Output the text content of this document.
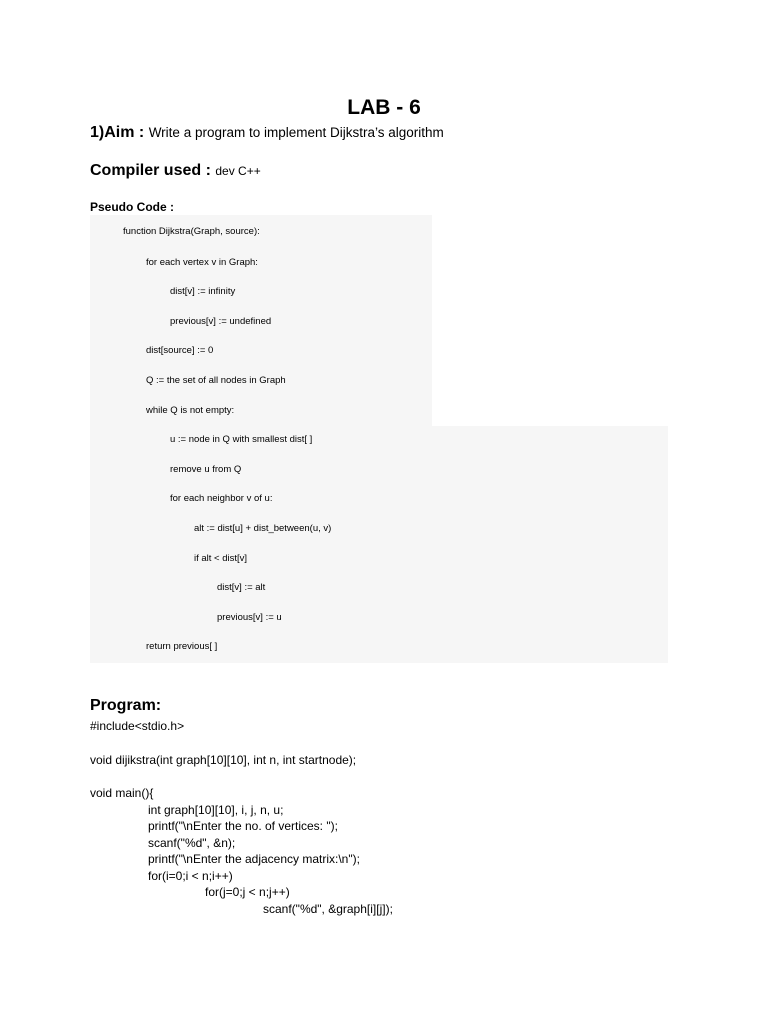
LAB - 6
1)Aim : Write a program to implement Dijkstra’s algorithm
Compiler used : dev C++
Pseudo Code :
function Dijkstra(Graph, source):
for each vertex v in Graph:
dist[v] := infinity
previous[v] := undefined
dist[source] := 0
Q := the set of all nodes in Graph
while Q is not empty:
u := node in Q with smallest dist[ ]
remove u from Q
for each neighbor v of u:
alt := dist[u] + dist_between(u, v)
if alt < dist[v]
dist[v] := alt
previous[v] := u
return previous[ ]
Program:
#include<stdio.h>
void dijikstra(int graph[10][10], int n, int startnode);
void main(){
int graph[10][10], i, j, n, u;
printf("\nEnter the no. of vertices: ");
scanf("%d", &n);
printf("\nEnter the adjacency matrix:\n");
for(i=0;i < n;i++)
for(j=0;j < n;j++)
scanf("%d", &graph[i][j]);
